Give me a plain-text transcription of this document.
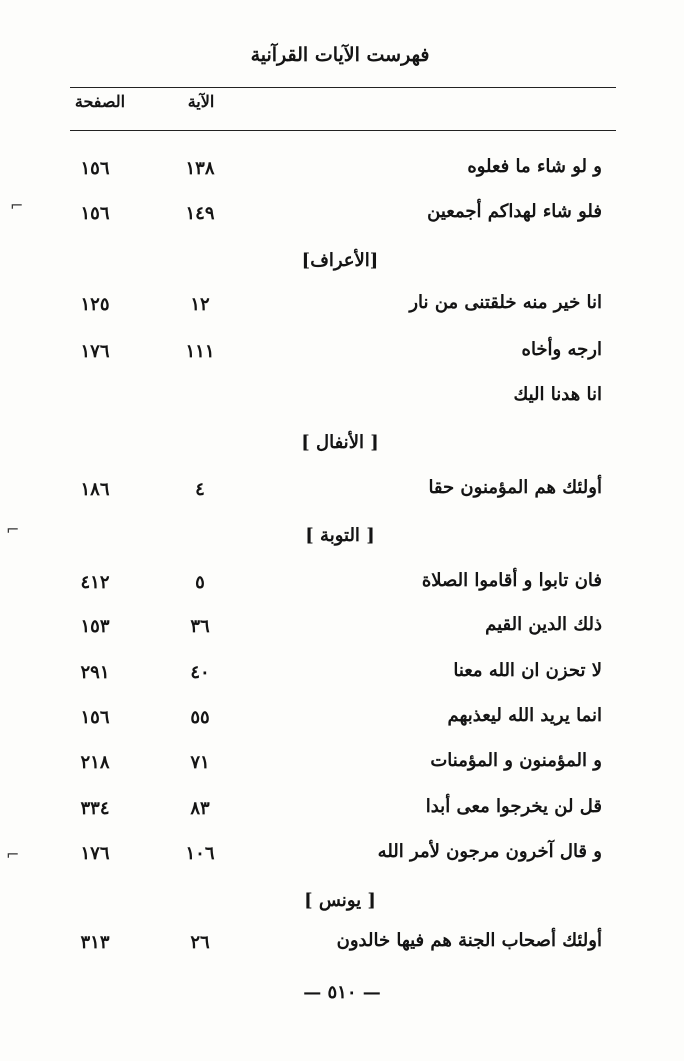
فهرست الآيات القرآنية
الصفحة	الآية
و لو شاء ما فعلوه
١٣٨
١٥٦
فلو شاء لهداكم أجمعين
١٤٩
١٥٦
[الأعراف]
انا خير منه خلقتنى من نار
١٢
١٢٥
ارجه وأخاه
١١١
١٧٦
انا هدنا اليك
[ الأنفال ]
أولئك هم المؤمنون حقا
٤
١٨٦
[ التوبة ]
فان تابوا و أقاموا الصلاة
٥
٤١٢
ذلك الدين القيم
٣٦
١٥٣
لا تحزن ان الله معنا
٤٠
٢٩١
انما يريد الله ليعذبهم
٥٥
١٥٦
و المؤمنون و المؤمنات
٧١
٢١٨
قل لن يخرجوا معى أبدا
٨٣
٣٣٤
و قال آخرون مرجون لأمر الله
١٠٦
١٧٦
[ يونس ]
أولئك أصحاب الجنة هم فيها خالدون
٢٦
٣١٣
— ٥١٠ —
⌐
⌐
⌐
